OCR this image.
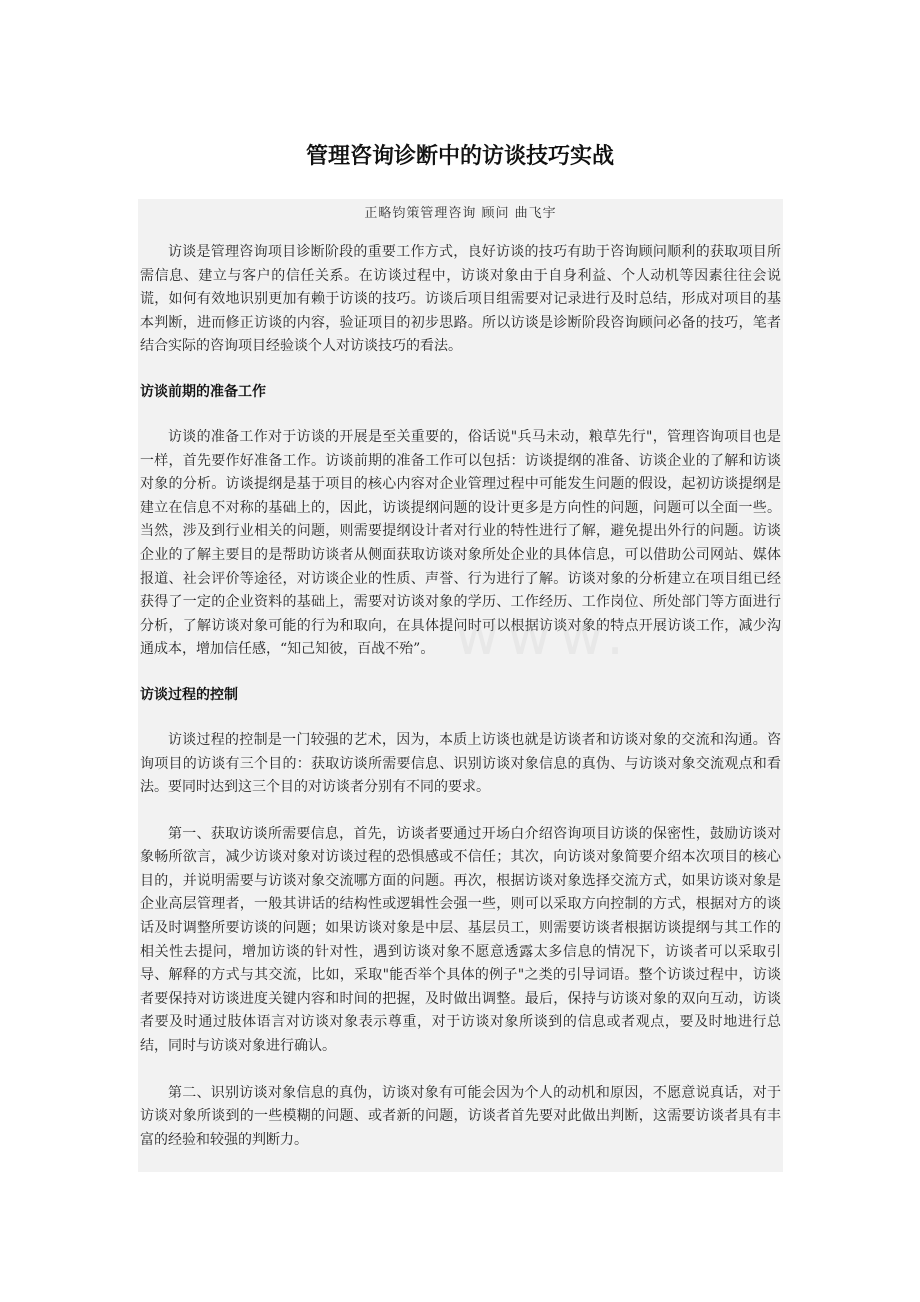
管理咨询诊断中的访谈技巧实战

正略钧策管理咨询 顾问 曲飞宇

访谈是管理咨询项目诊断阶段的重要工作方式，良好访谈的技巧有助于咨询顾问顺利的获取项目所需信息、建立与客户的信任关系。在访谈过程中，访谈对象由于自身利益、个人动机等因素往往会说谎，如何有效地识别更加有赖于访谈的技巧。访谈后项目组需要对记录进行及时总结，形成对项目的基本判断，进而修正访谈的内容，验证项目的初步思路。所以访谈是诊断阶段咨询顾问必备的技巧，笔者结合实际的咨询项目经验谈个人对访谈技巧的看法。

访谈前期的准备工作

访谈的准备工作对于访谈的开展是至关重要的，俗话说"兵马未动，粮草先行"，管理咨询项目也是一样，首先要作好准备工作。访谈前期的准备工作可以包括：访谈提纲的准备、访谈企业的了解和访谈对象的分析。访谈提纲是基于项目的核心内容对企业管理过程中可能发生问题的假设，起初访谈提纲是建立在信息不对称的基础上的，因此，访谈提纲问题的设计更多是方向性的问题，问题可以全面一些。当然，涉及到行业相关的问题，则需要提纲设计者对行业的特性进行了解，避免提出外行的问题。访谈企业的了解主要目的是帮助访谈者从侧面获取访谈对象所处企业的具体信息，可以借助公司网站、媒体报道、社会评价等途径，对访谈企业的性质、声誉、行为进行了解。访谈对象的分析建立在项目组已经获得了一定的企业资料的基础上，需要对访谈对象的学历、工作经历、工作岗位、所处部门等方面进行分析，了解访谈对象可能的行为和取向，在具体提问时可以根据访谈对象的特点开展访谈工作，减少沟通成本，增加信任感，“知己知彼，百战不殆”。

访谈过程的控制

访谈过程的控制是一门较强的艺术，因为，本质上访谈也就是访谈者和访谈对象的交流和沟通。咨询项目的访谈有三个目的：获取访谈所需要信息、识别访谈对象信息的真伪、与访谈对象交流观点和看法。要同时达到这三个目的对访谈者分别有不同的要求。

第一、获取访谈所需要信息，首先，访谈者要通过开场白介绍咨询项目访谈的保密性，鼓励访谈对象畅所欲言，减少访谈对象对访谈过程的恐惧感或不信任；其次，向访谈对象简要介绍本次项目的核心目的，并说明需要与访谈对象交流哪方面的问题。再次，根据访谈对象选择交流方式，如果访谈对象是企业高层管理者，一般其讲话的结构性或逻辑性会强一些，则可以采取方向控制的方式，根据对方的谈话及时调整所要访谈的问题；如果访谈对象是中层、基层员工，则需要访谈者根据访谈提纲与其工作的相关性去提问，增加访谈的针对性，遇到访谈对象不愿意透露太多信息的情况下，访谈者可以采取引导、解释的方式与其交流，比如，采取"能否举个具体的例子"之类的引导词语。整个访谈过程中，访谈者要保持对访谈进度关键内容和时间的把握，及时做出调整。最后，保持与访谈对象的双向互动，访谈者要及时通过肢体语言对访谈对象表示尊重，对于访谈对象所谈到的信息或者观点，要及时地进行总结，同时与访谈对象进行确认。

第二、识别访谈对象信息的真伪，访谈对象有可能会因为个人的动机和原因，不愿意说真话，对于访谈对象所谈到的一些模糊的问题、或者新的问题，访谈者首先要对此做出判断，这需要访谈者具有丰富的经验和较强的判断力。
